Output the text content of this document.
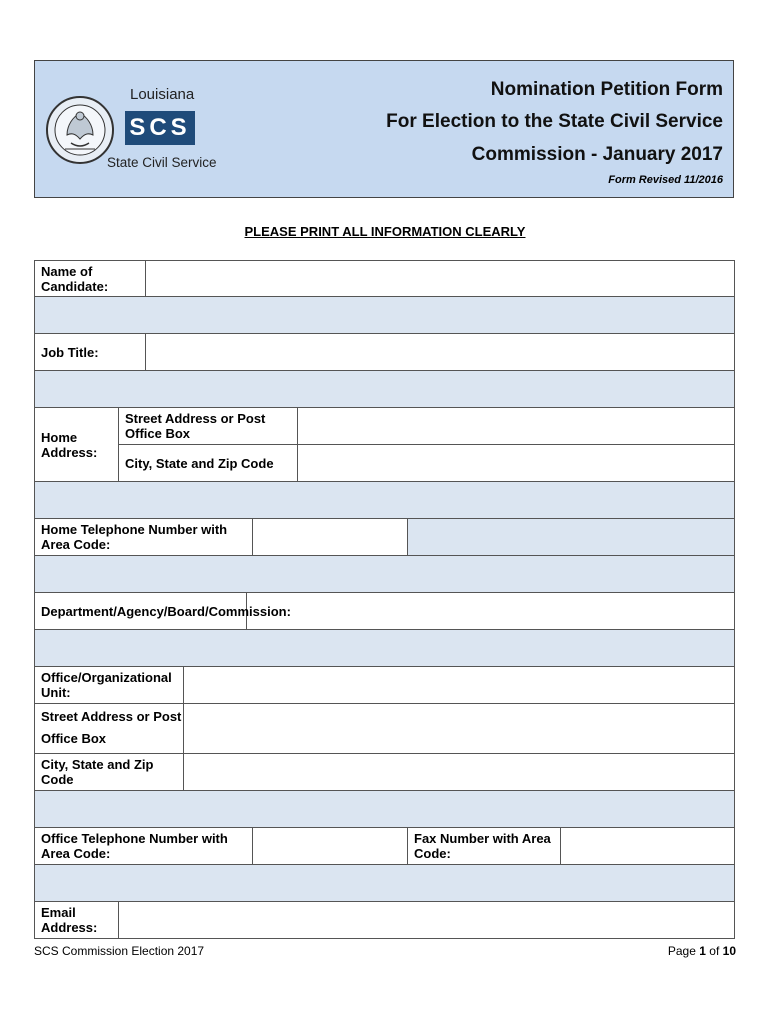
Louisiana
SCS
State Civil Service
Nomination Petition Form
For Election to the State Civil Service
Commission - January 2017
Form Revised 11/2016
PLEASE PRINT ALL INFORMATION CLEARLY
Name of Candidate:
Job Title:
Home Address:
Street Address or Post Office Box
City, State and Zip Code
Home Telephone Number with Area Code:
Department/Agency/Board/Commission:
Office/Organizational Unit:
Street Address or Post Office Box
City, State and Zip Code
Office Telephone Number with Area Code:
Fax Number with Area Code:
Email Address:
SCS Commission Election 2017	Page 1 of 10
